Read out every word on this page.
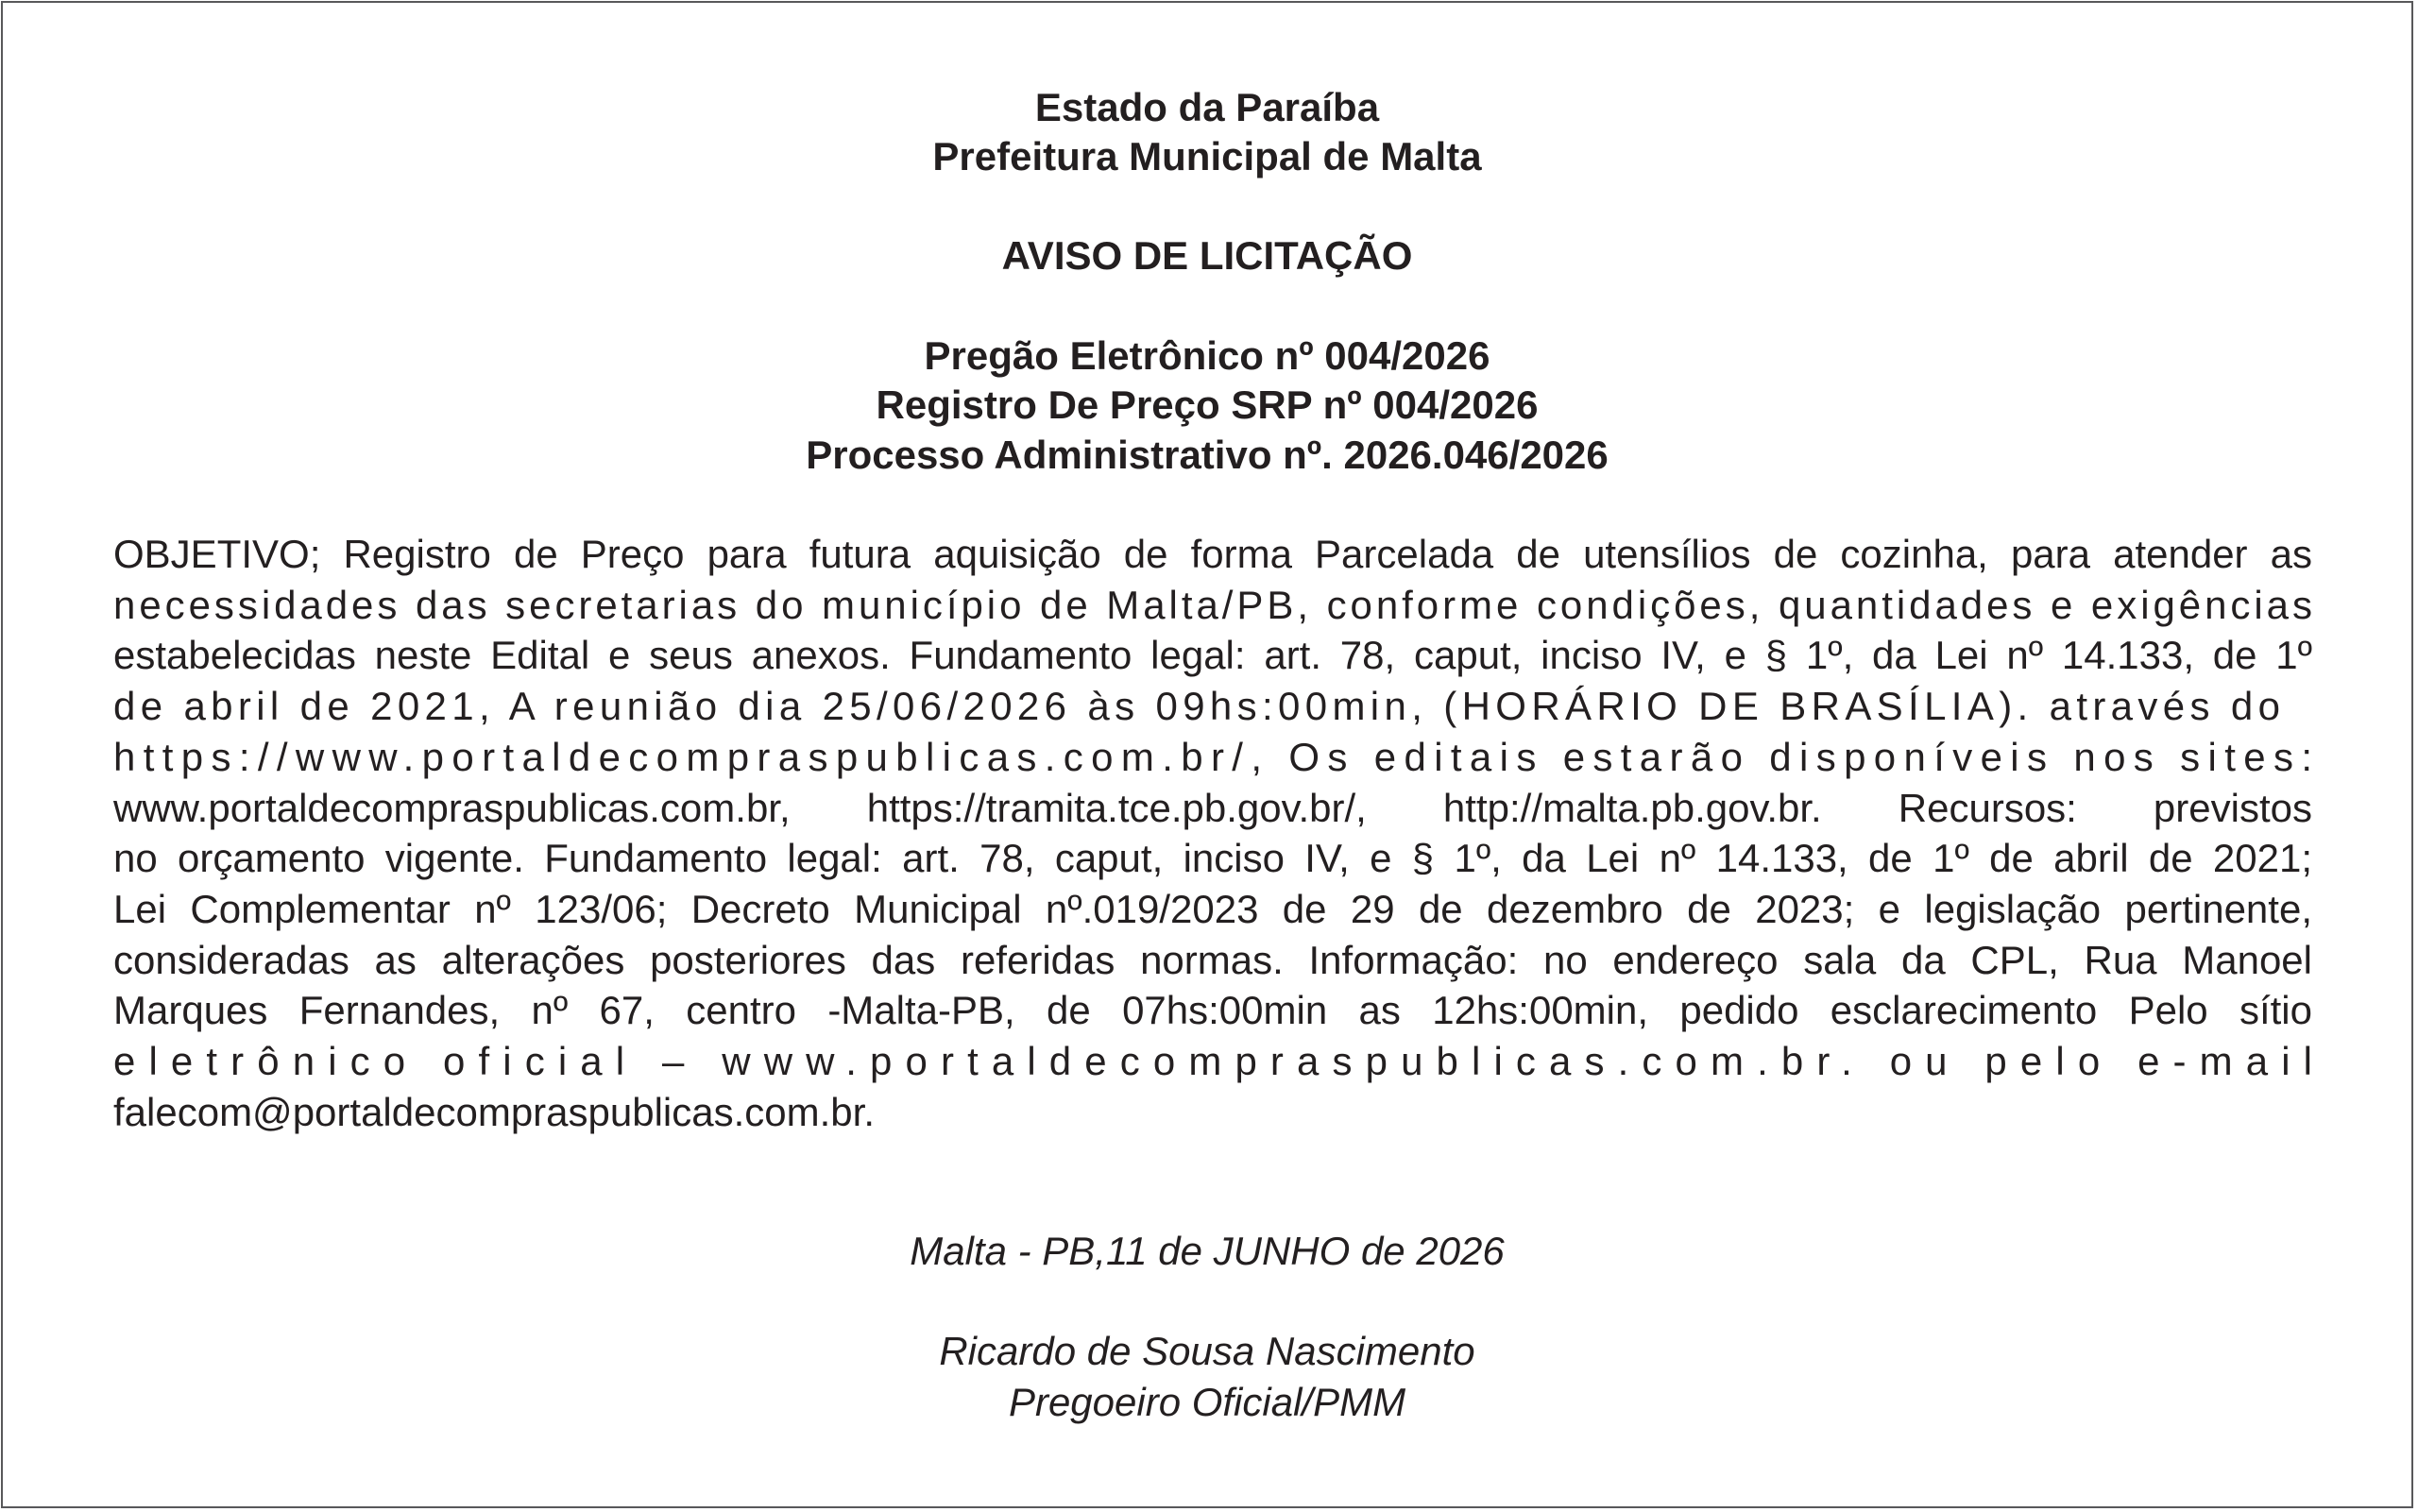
Estado da Paraíba
Prefeitura Municipal de Malta
AVISO DE LICITAÇÃO
Pregão Eletrônico nº 004/2026
Registro De Preço SRP nº 004/2026
Processo Administrativo nº. 2026.046/2026
OBJETIVO; Registro de Preço para futura aquisição de forma Parcelada de utensílios de cozinha, para atender as
necessidades das secretarias do município de Malta/PB, conforme condições, quantidades e exigências
estabelecidas neste Edital e seus anexos. Fundamento legal: art. 78, caput, inciso IV, e § 1º, da Lei nº 14.133, de 1º
de abril de 2021, A reunião dia 25/06/2026 às 09hs:00min, (HORÁRIO DE BRASÍLIA). através do
https://www.portaldecompraspublicas.com.br/, Os editais estarão disponíveis nos sites:
www.portaldecompraspublicas.com.br, https://tramita.tce.pb.gov.br/, http://malta.pb.gov.br. Recursos: previstos
no orçamento vigente. Fundamento legal: art. 78, caput, inciso IV, e § 1º, da Lei nº 14.133, de 1º de abril de 2021;
Lei Complementar nº 123/06; Decreto Municipal nº.019/2023 de 29 de dezembro de 2023; e legislação pertinente,
consideradas as alterações posteriores das referidas normas. Informação: no endereço sala da CPL, Rua Manoel
Marques Fernandes, nº 67, centro -Malta-PB, de 07hs:00min as 12hs:00min, pedido esclarecimento Pelo sítio
eletrônico oficial – www.portaldecompraspublicas.com.br. ou pelo e-mail
falecom@portaldecompraspublicas.com.br.
Malta - PB,11 de JUNHO de 2026
Ricardo de Sousa Nascimento
Pregoeiro Oficial/PMM
